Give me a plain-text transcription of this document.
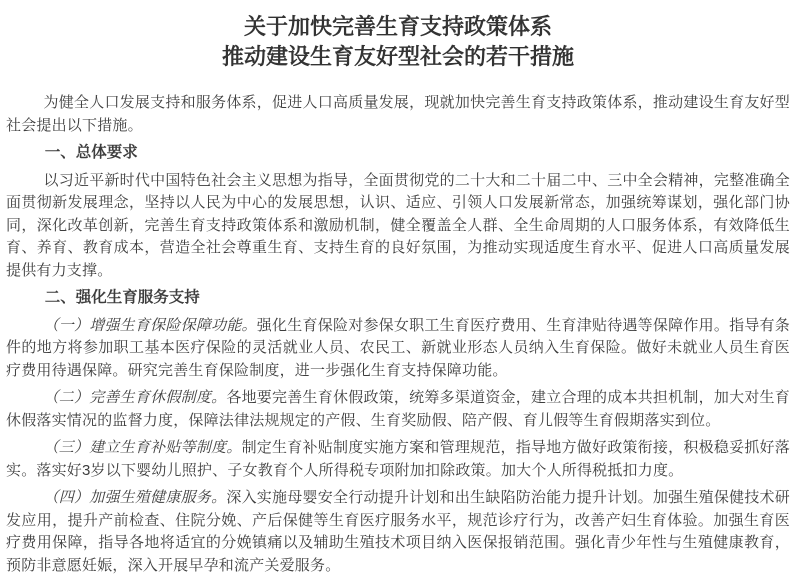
关于加快完善生育支持政策体系
推动建设生育友好型社会的若干措施

为健全人口发展支持和服务体系，促进人口高质量发展，现就加快完善生育支持政策体系，推动建设生育友好型社会提出以下措施。

一、总体要求

以习近平新时代中国特色社会主义思想为指导，全面贯彻党的二十大和二十届二中、三中全会精神，完整准确全面贯彻新发展理念，坚持以人民为中心的发展思想，认识、适应、引领人口发展新常态，加强统筹谋划，强化部门协同，深化改革创新，完善生育支持政策体系和激励机制，健全覆盖全人群、全生命周期的人口服务体系，有效降低生育、养育、教育成本，营造全社会尊重生育、支持生育的良好氛围，为推动实现适度生育水平、促进人口高质量发展提供有力支撑。

二、强化生育服务支持

（一）增强生育保险保障功能。强化生育保险对参保女职工生育医疗费用、生育津贴待遇等保障作用。指导有条件的地方将参加职工基本医疗保险的灵活就业人员、农民工、新就业形态人员纳入生育保险。做好未就业人员生育医疗费用待遇保障。研究完善生育保险制度，进一步强化生育支持保障功能。

（二）完善生育休假制度。各地要完善生育休假政策，统筹多渠道资金，建立合理的成本共担机制，加大对生育休假落实情况的监督力度，保障法律法规规定的产假、生育奖励假、陪产假、育儿假等生育假期落实到位。

（三）建立生育补贴等制度。制定生育补贴制度实施方案和管理规范，指导地方做好政策衔接，积极稳妥抓好落实。落实好3岁以下婴幼儿照护、子女教育个人所得税专项附加扣除政策。加大个人所得税抵扣力度。

（四）加强生殖健康服务。深入实施母婴安全行动提升计划和出生缺陷防治能力提升计划。加强生殖保健技术研发应用，提升产前检查、住院分娩、产后保健等生育医疗服务水平，规范诊疗行为，改善产妇生育体验。加强生育医疗费用保障，指导各地将适宜的分娩镇痛以及辅助生殖技术项目纳入医保报销范围。强化青少年性与生殖健康教育，预防非意愿妊娠，深入开展早孕和流产关爱服务。
